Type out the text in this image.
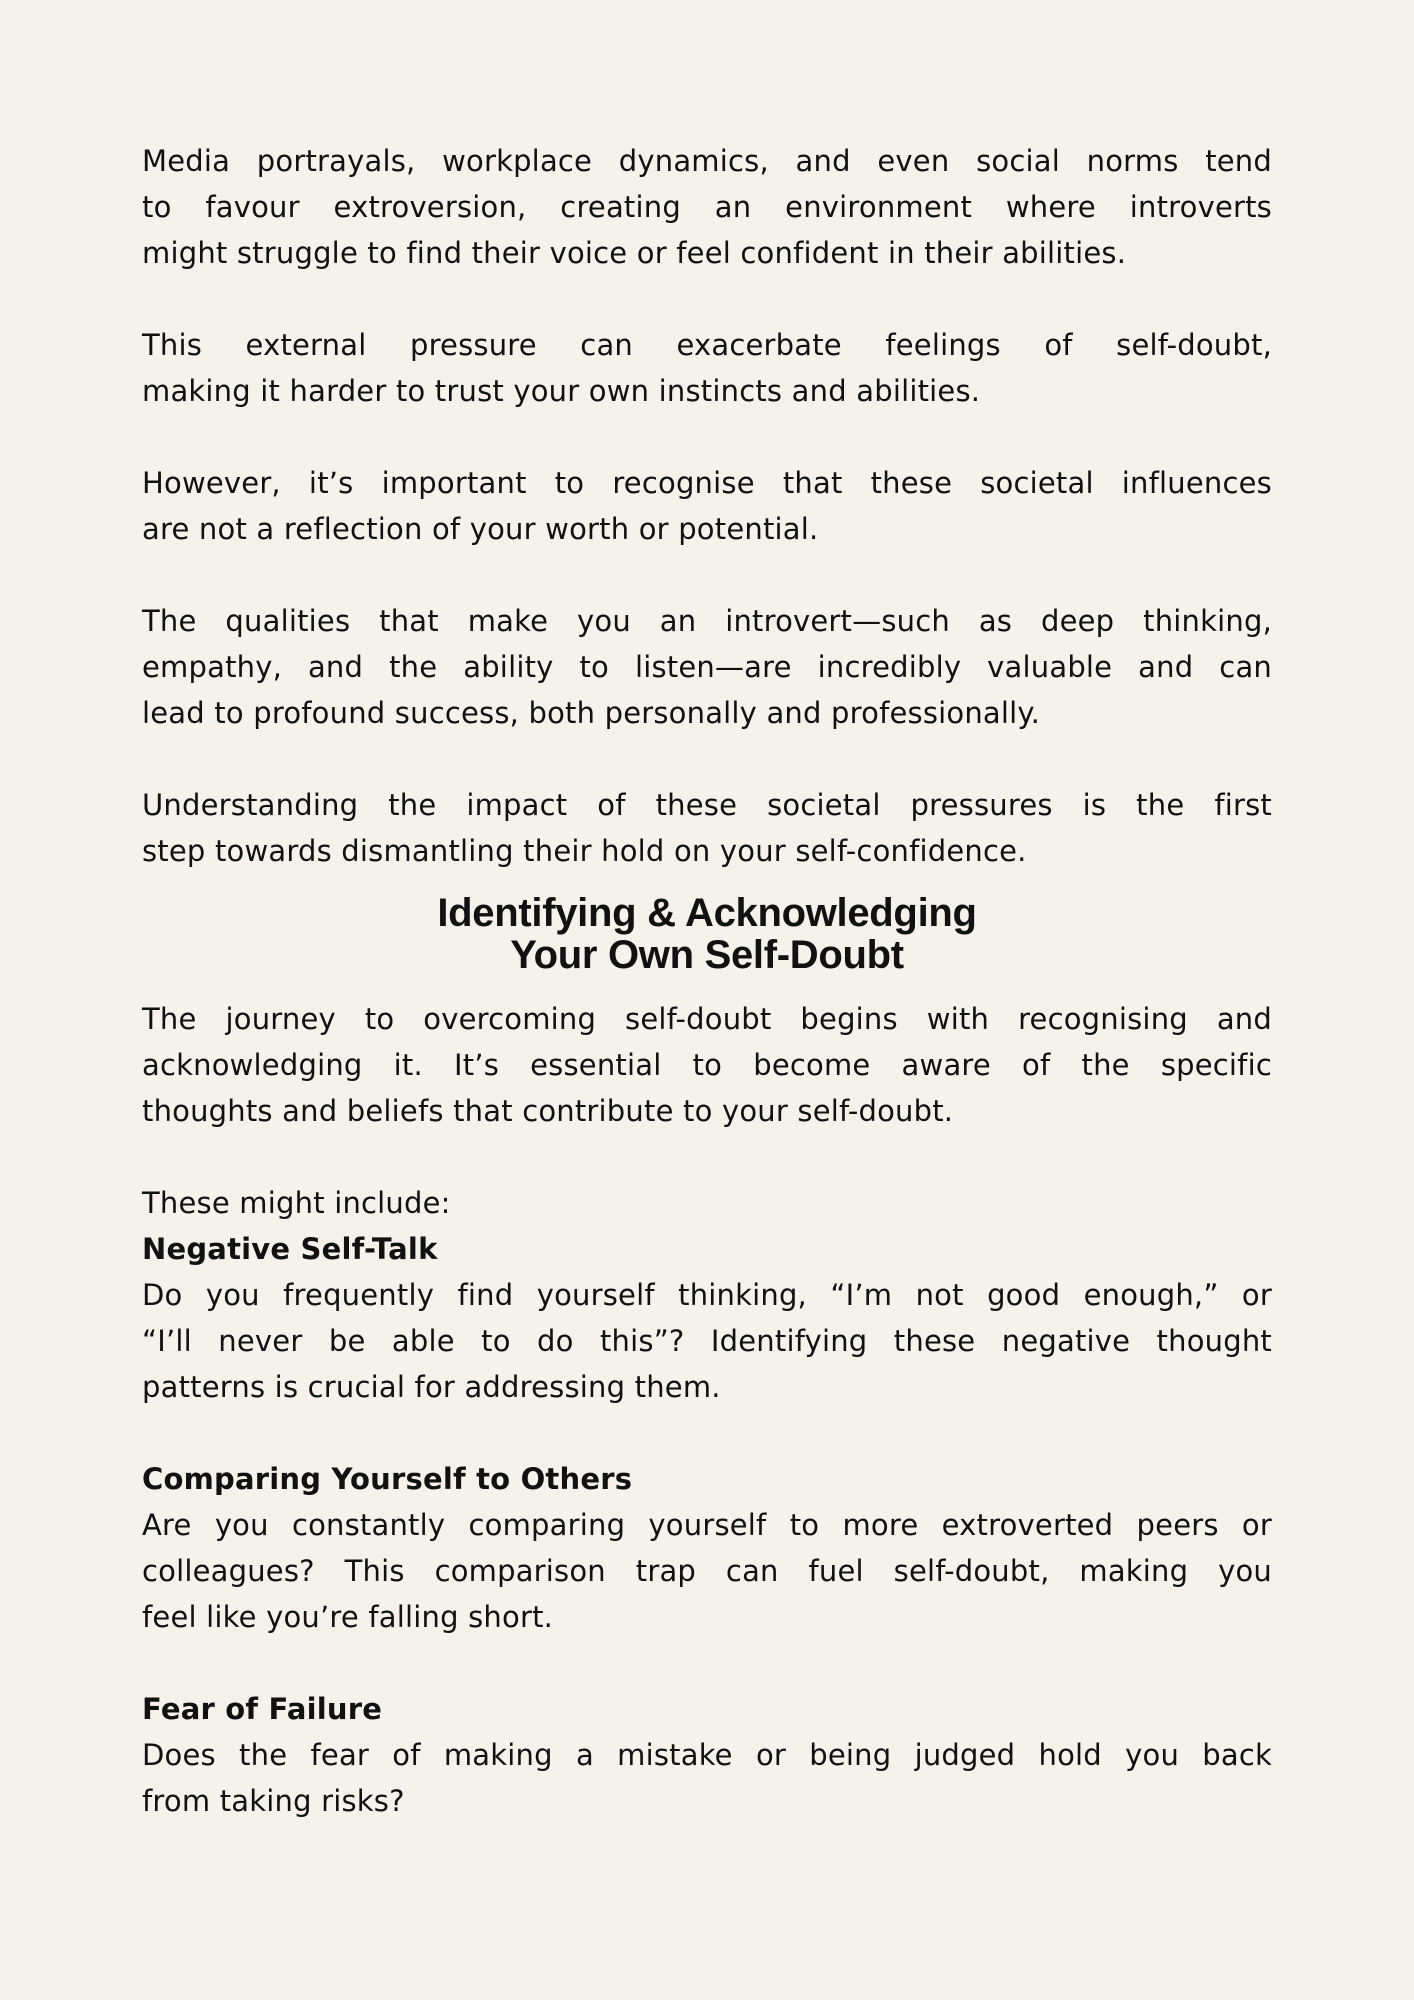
Media portrayals, workplace dynamics, and even social norms tend
to favour extroversion, creating an environment where introverts
might struggle to find their voice or feel confident in their abilities.
This external pressure can exacerbate feelings of self-doubt,
making it harder to trust your own instincts and abilities.
However, it’s important to recognise that these societal influences
are not a reflection of your worth or potential.
The qualities that make you an introvert—such as deep thinking,
empathy, and the ability to listen—are incredibly valuable and can
lead to profound success, both personally and professionally.
Understanding the impact of these societal pressures is the first
step towards dismantling their hold on your self-confidence.
Identifying & Acknowledging
Your Own Self-Doubt
The journey to overcoming self-doubt begins with recognising and
acknowledging it. It’s essential to become aware of the specific
thoughts and beliefs that contribute to your self-doubt.
These might include:
Negative Self-Talk
Do you frequently find yourself thinking, “I’m not good enough,” or
“I’ll never be able to do this”? Identifying these negative thought
patterns is crucial for addressing them.
Comparing Yourself to Others
Are you constantly comparing yourself to more extroverted peers or
colleagues? This comparison trap can fuel self-doubt, making you
feel like you’re falling short.
Fear of Failure
Does the fear of making a mistake or being judged hold you back
from taking risks?
